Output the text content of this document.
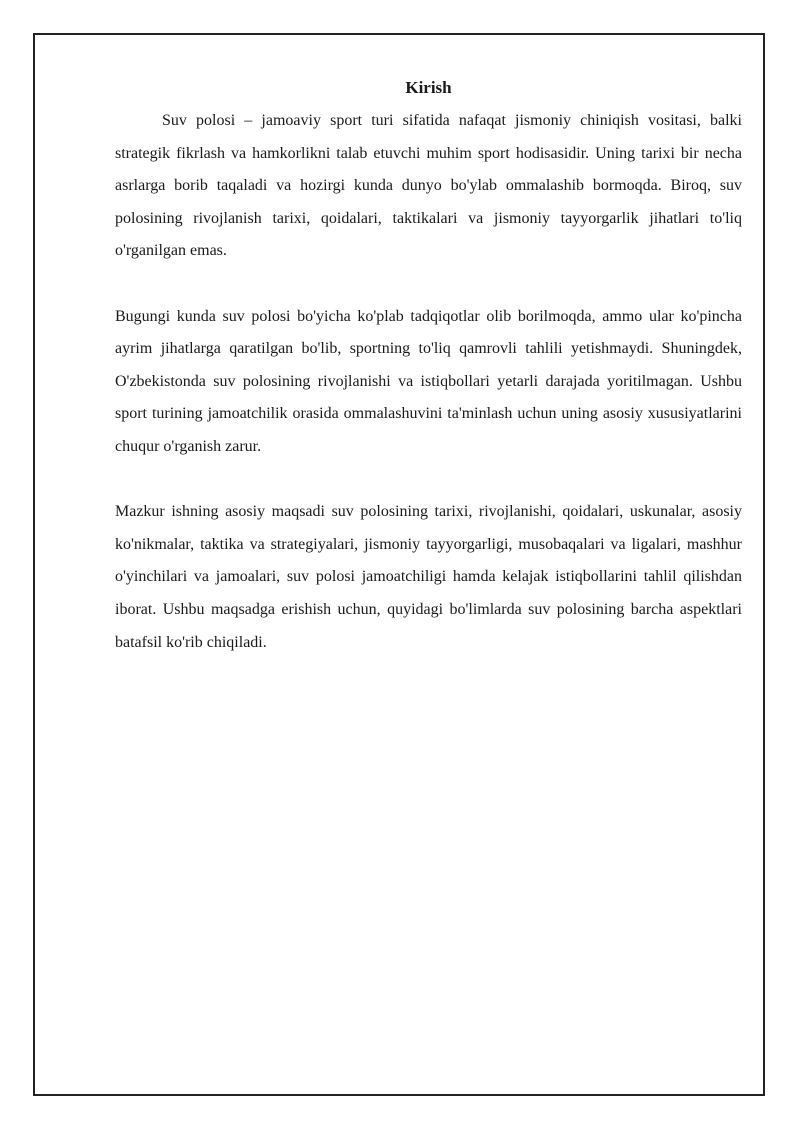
Kirish

Suv polosi – jamoaviy sport turi sifatida nafaqat jismoniy chiniqish vositasi, balki strategik fikrlash va hamkorlikni talab etuvchi muhim sport hodisasidir. Uning tarixi bir necha asrlarga borib taqaladi va hozirgi kunda dunyo bo'ylab ommalashib bormoqda. Biroq, suv polosining rivojlanish tarixi, qoidalari, taktikalari va jismoniy tayyorgarlik jihatlari to'liq o'rganilgan emas.

Bugungi kunda suv polosi bo'yicha ko'plab tadqiqotlar olib borilmoqda, ammo ular ko'pincha ayrim jihatlarga qaratilgan bo'lib, sportning to'liq qamrovli tahlili yetishmaydi. Shuningdek, O'zbekistonda suv polosining rivojlanishi va istiqbollari yetarli darajada yoritilmagan. Ushbu sport turining jamoatchilik orasida ommalashuvini ta'minlash uchun uning asosiy xususiyatlarini chuqur o'rganish zarur.

Mazkur ishning asosiy maqsadi suv polosining tarixi, rivojlanishi, qoidalari, uskunalar, asosiy ko'nikmalar, taktika va strategiyalari, jismoniy tayyorgarligi, musobaqalari va ligalari, mashhur o'yinchilari va jamoalari, suv polosi jamoatchiligi hamda kelajak istiqbollarini tahlil qilishdan iborat. Ushbu maqsadga erishish uchun, quyidagi bo'limlarda suv polosining barcha aspektlari batafsil ko'rib chiqiladi.
